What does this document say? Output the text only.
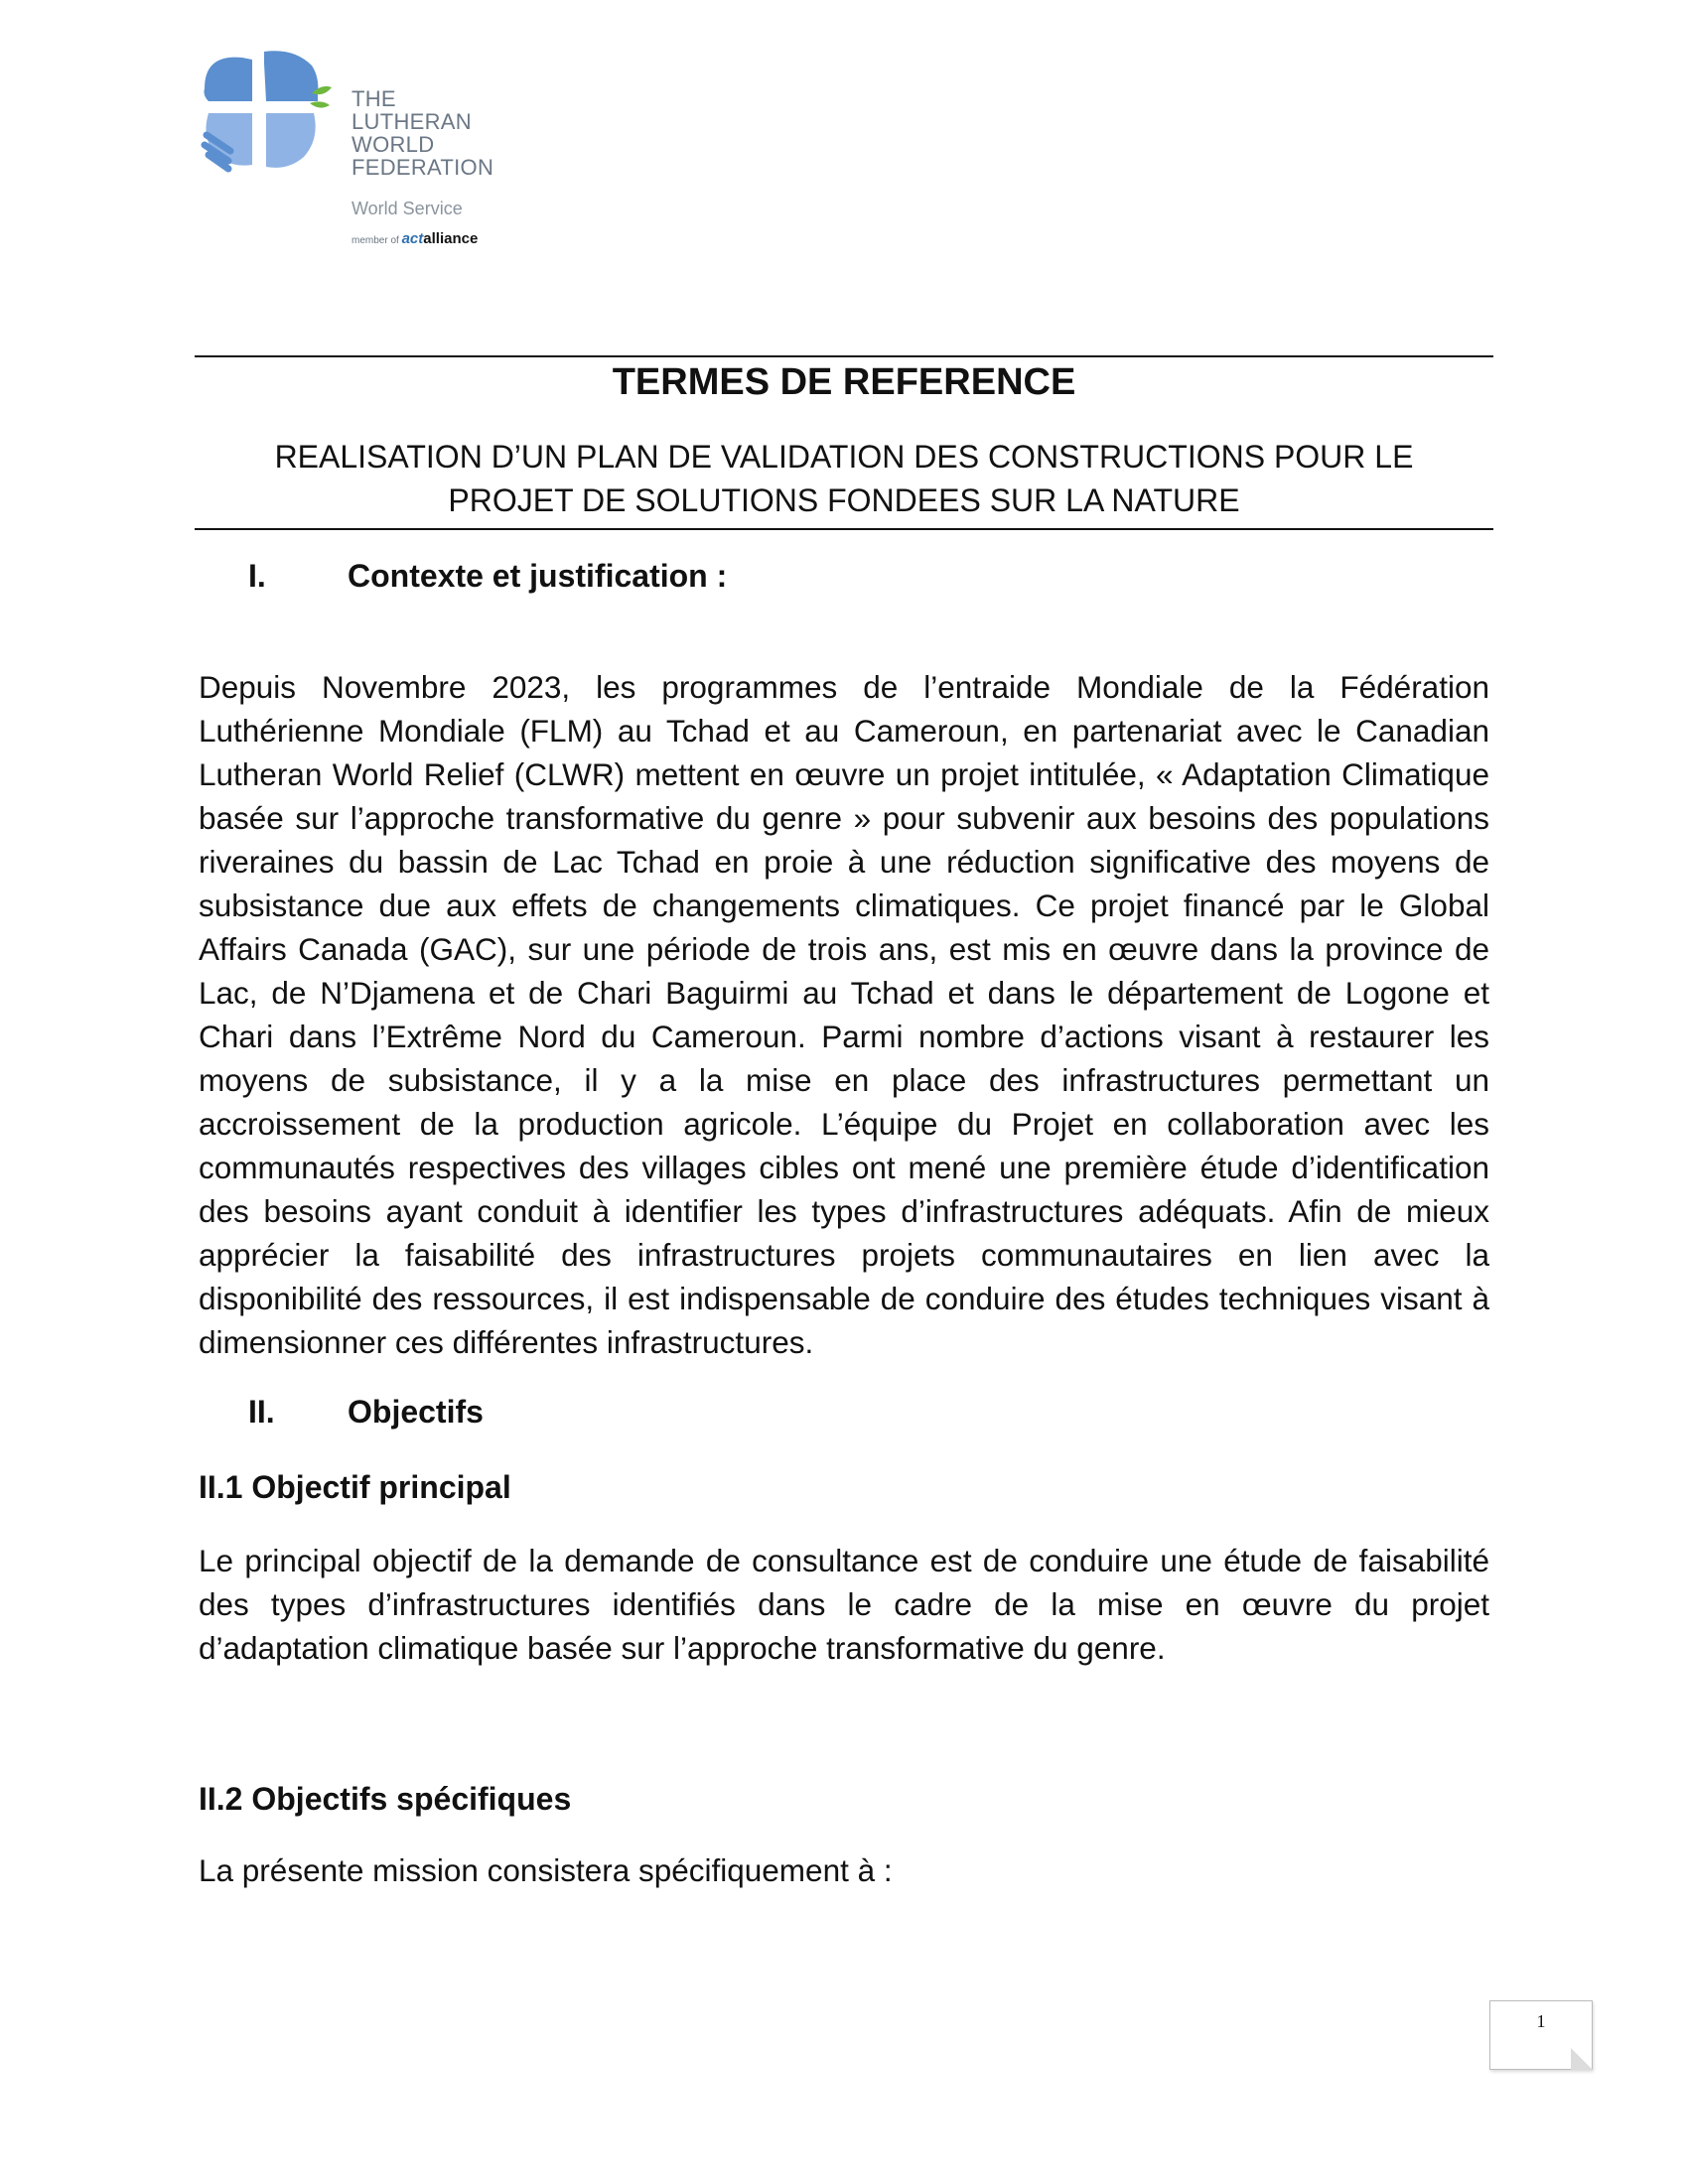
THE
LUTHERAN
WORLD
FEDERATION
World Service
member of actalliance
TERMES DE REFERENCE
REALISATION D’UN PLAN DE VALIDATION DES CONSTRUCTIONS POUR LE
PROJET DE SOLUTIONS FONDEES SUR LA NATURE
I.	Contexte et justification :
Depuis Novembre 2023, les programmes de l’entraide Mondiale de la Fédération Luthérienne Mondiale (FLM) au Tchad et au Cameroun, en partenariat avec le Canadian Lutheran World Relief (CLWR) mettent en œuvre un projet intitulée, « Adaptation Climatique basée sur l’approche transformative du genre » pour subvenir aux besoins des populations riveraines du bassin de Lac Tchad en proie à une réduction significative des moyens de subsistance due aux effets de changements climatiques. Ce projet financé par le Global Affairs Canada (GAC), sur une période de trois ans, est mis en œuvre dans la province de Lac, de N’Djamena et de Chari Baguirmi au Tchad et dans le département de Logone et Chari dans l’Extrême Nord du Cameroun. Parmi nombre d’actions visant à restaurer les moyens de subsistance, il y a la mise en place des infrastructures permettant un accroissement de la production agricole. L’équipe du Projet en collaboration avec les communautés respectives des villages cibles ont mené une première étude d’identification des besoins ayant conduit à identifier les types d’infrastructures adéquats. Afin de mieux apprécier la faisabilité des infrastructures projets communautaires en lien avec la disponibilité des ressources, il est indispensable de conduire des études techniques visant à dimensionner ces différentes infrastructures.
II. Objectifs
II.1 Objectif principal
Le principal objectif de la demande de consultance est de conduire une étude de faisabilité des types d’infrastructures identifiés dans le cadre de la mise en œuvre du projet d’adaptation climatique basée sur l’approche transformative du genre.
II.2 Objectifs spécifiques
La présente mission consistera spécifiquement à :
1
